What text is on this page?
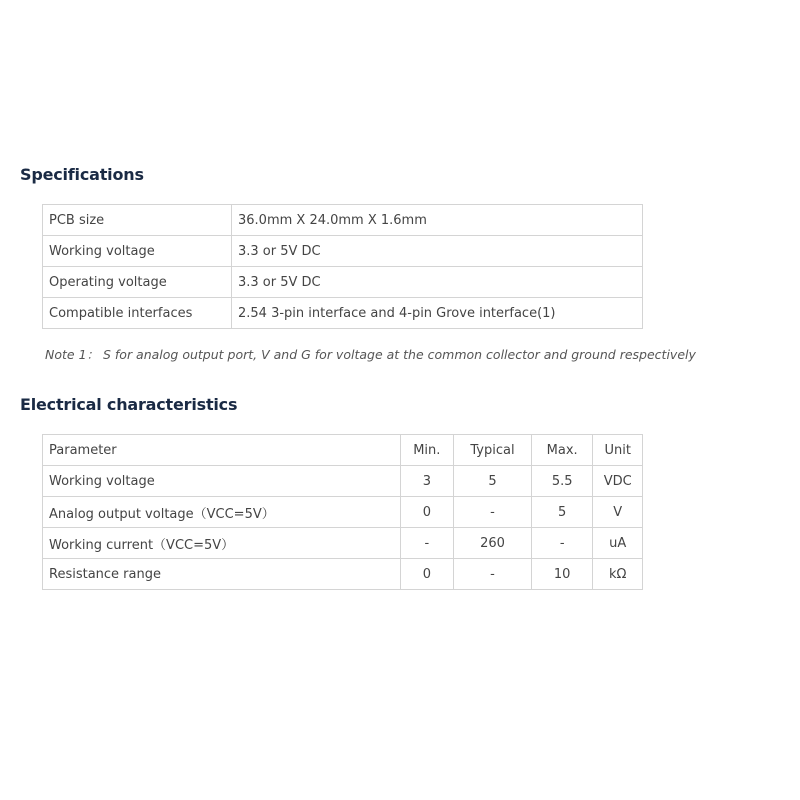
Specifications
PCB size	36.0mm X 24.0mm X 1.6mm
Working voltage	3.3 or 5V DC
Operating voltage	3.3 or 5V DC
Compatible interfaces	2.54 3-pin interface and 4-pin Grove interface(1)

Note 1： S for analog output port, V and G for voltage at the common collector and ground respectively

Electrical characteristics
Parameter	Min.	Typical	Max.	Unit
Working voltage	3	5	5.5	VDC
Analog output voltage（VCC=5V）	0	-	5	V
Working current（VCC=5V）	-	260	-	uA
Resistance range	0	-	10	kΩ
